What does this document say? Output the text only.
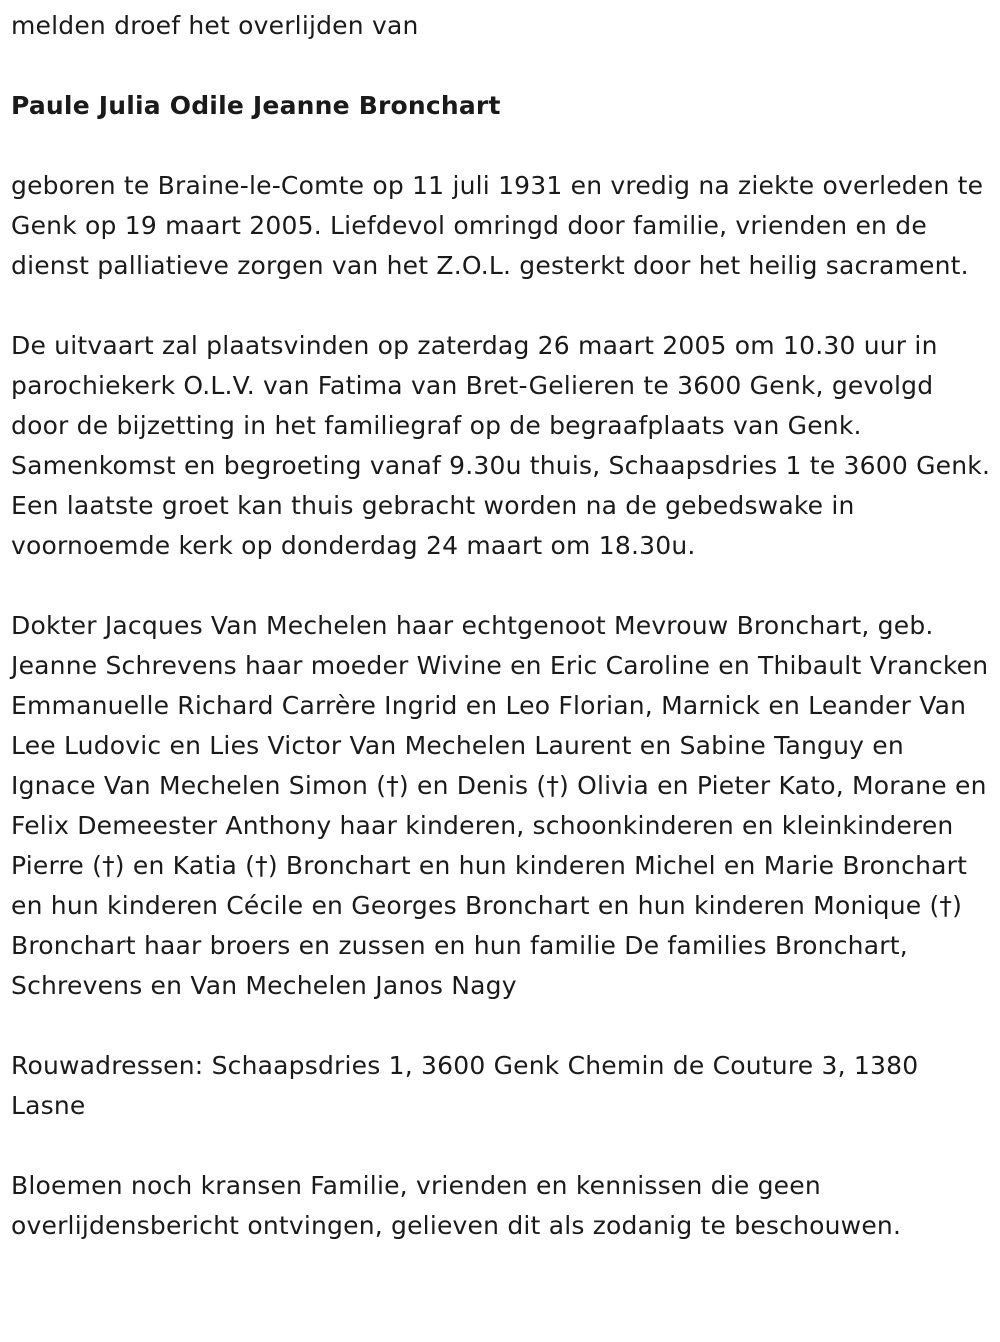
melden droef het overlijden van

Paule Julia Odile Jeanne Bronchart

geboren te Braine-le-Comte op 11 juli 1931 en vredig na ziekte overleden te Genk op 19 maart 2005. Liefdevol omringd door familie, vrienden en de dienst palliatieve zorgen van het Z.O.L. gesterkt door het heilig sacrament.

De uitvaart zal plaatsvinden op zaterdag 26 maart 2005 om 10.30 uur in parochiekerk O.L.V. van Fatima van Bret-Gelieren te 3600 Genk, gevolgd door de bijzetting in het familiegraf op de begraafplaats van Genk. Samenkomst en begroeting vanaf 9.30u thuis, Schaapsdries 1 te 3600 Genk. Een laatste groet kan thuis gebracht worden na de gebedswake in voornoemde kerk op donderdag 24 maart om 18.30u.

Dokter Jacques Van Mechelen haar echtgenoot Mevrouw Bronchart, geb. Jeanne Schrevens haar moeder Wivine en Eric Caroline en Thibault Vrancken Emmanuelle Richard Carrère Ingrid en Leo Florian, Marnick en Leander Van Lee Ludovic en Lies Victor Van Mechelen Laurent en Sabine Tanguy en Ignace Van Mechelen Simon (†) en Denis (†) Olivia en Pieter Kato, Morane en Felix Demeester Anthony haar kinderen, schoonkinderen en kleinkinderen Pierre (†) en Katia (†) Bronchart en hun kinderen Michel en Marie Bronchart en hun kinderen Cécile en Georges Bronchart en hun kinderen Monique (†) Bronchart haar broers en zussen en hun familie De families Bronchart, Schrevens en Van Mechelen Janos Nagy

Rouwadressen: Schaapsdries 1, 3600 Genk Chemin de Couture 3, 1380 Lasne

Bloemen noch kransen Familie, vrienden en kennissen die geen overlijdensbericht ontvingen, gelieven dit als zodanig te beschouwen.
